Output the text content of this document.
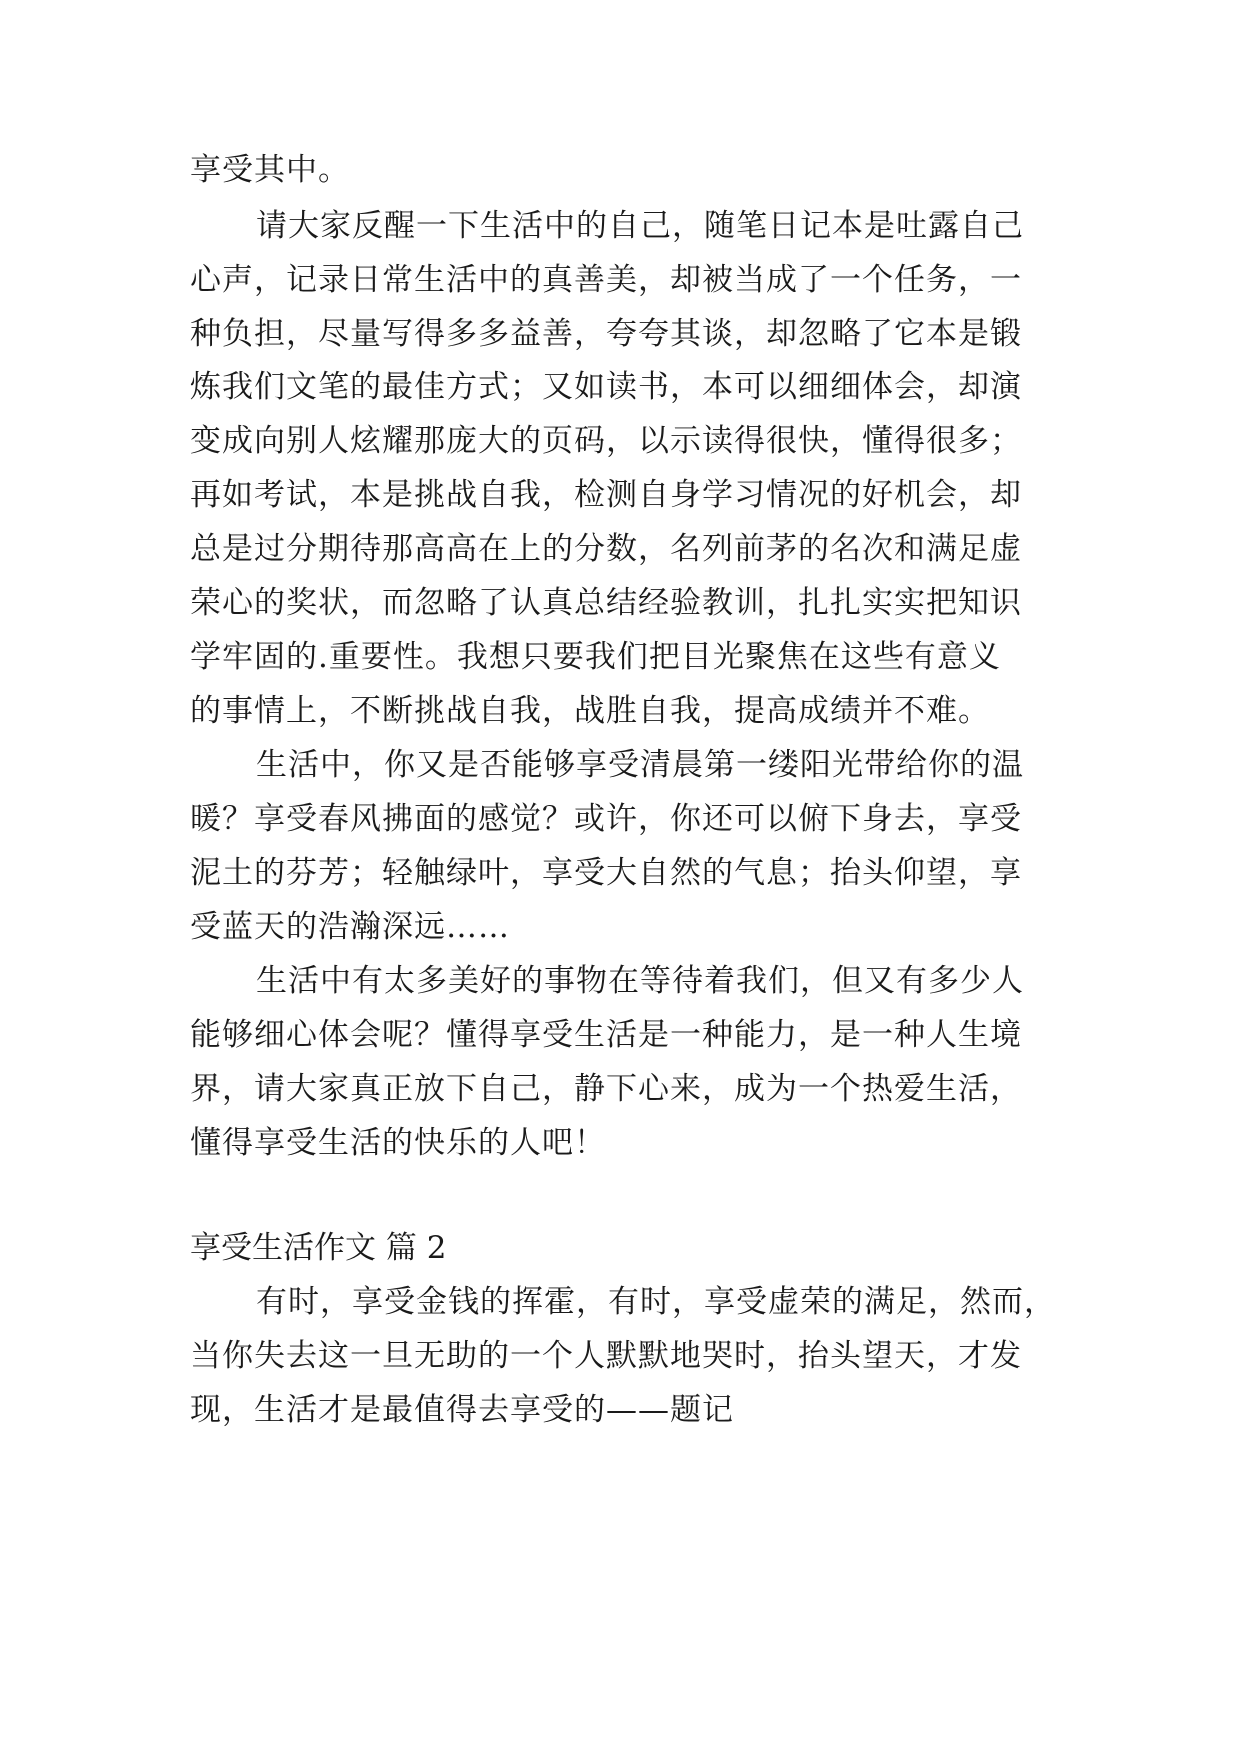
享受其中。
请大家反醒一下生活中的自己，随笔日记本是吐露自己
心声，记录日常生活中的真善美，却被当成了一个任务，一
种负担，尽量写得多多益善，夸夸其谈，却忽略了它本是锻
炼我们文笔的最佳方式；又如读书，本可以细细体会，却演
变成向别人炫耀那庞大的页码，以示读得很快，懂得很多；
再如考试，本是挑战自我，检测自身学习情况的好机会，却
总是过分期待那高高在上的分数，名列前茅的名次和满足虚
荣心的奖状，而忽略了认真总结经验教训，扎扎实实把知识
学牢固的.重要性。我想只要我们把目光聚焦在这些有意义
的事情上，不断挑战自我，战胜自我，提高成绩并不难。
生活中，你又是否能够享受清晨第一缕阳光带给你的温
暖？享受春风拂面的感觉？或许，你还可以俯下身去，享受
泥土的芬芳；轻触绿叶，享受大自然的气息；抬头仰望，享
受蓝天的浩瀚深远……
生活中有太多美好的事物在等待着我们，但又有多少人
能够细心体会呢？懂得享受生活是一种能力，是一种人生境
界，请大家真正放下自己，静下心来，成为一个热爱生活，
懂得享受生活的快乐的人吧！
享受生活作文 篇 2
有时，享受金钱的挥霍，有时，享受虚荣的满足，然而，
当你失去这一旦无助的一个人默默地哭时，抬头望天，才发
现，生活才是最值得去享受的——题记
